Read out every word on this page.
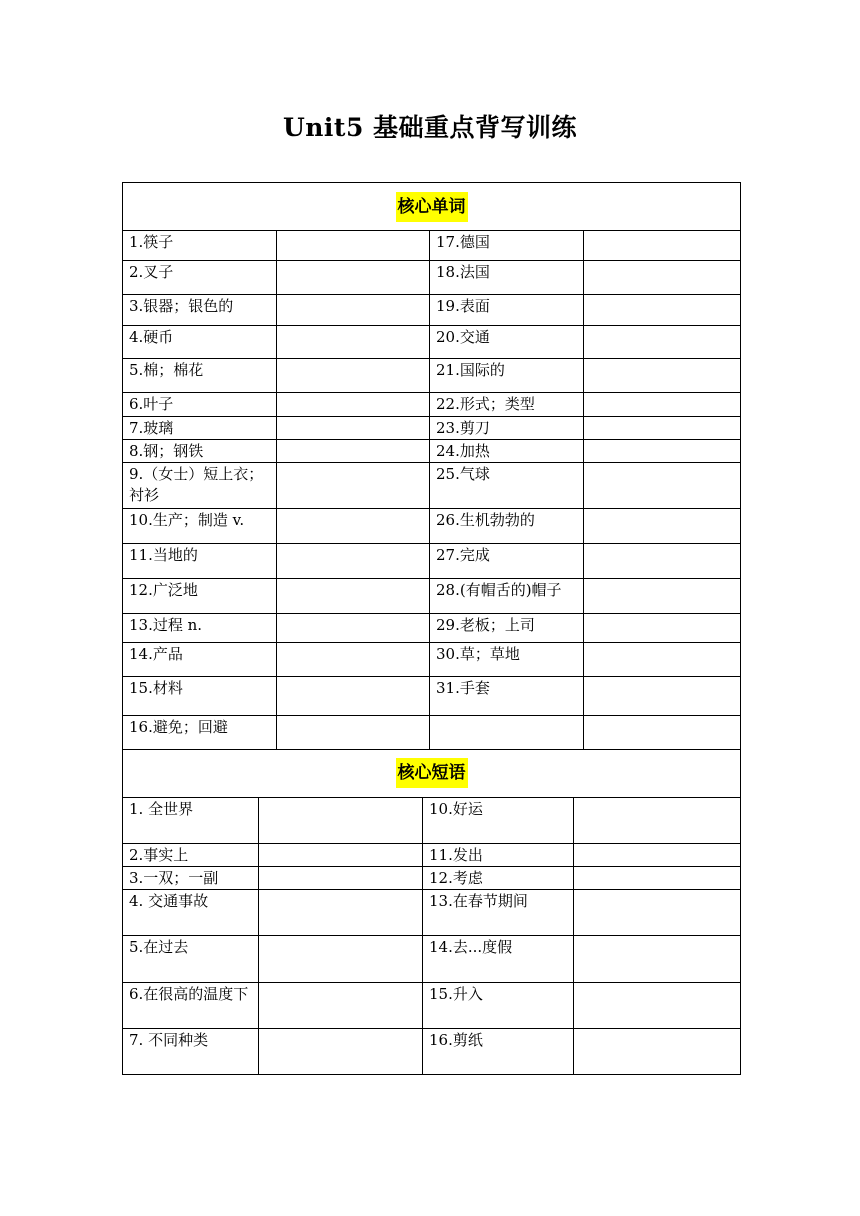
Unit5 基础重点背写训练
核心单词			
1.筷子		17.德国	
2.叉子		18.法国	
3.银器；银色的		19.表面	
4.硬币		20.交通	
5.棉；棉花		21.国际的	
6.叶子		22.形式；类型	
7.玻璃		23.剪刀	
8.钢；钢铁		24.加热	
9.（女士）短上衣；衬衫		25.气球	
10.生产；制造 v.		26.生机勃勃的	
11.当地的		27.完成	
12.广泛地		28.(有帽舌的)帽子	
13.过程 n.		29.老板；上司	
14.产品		30.草；草地	
15.材料		31.手套	
16.避免；回避			
核心短语			
1. 全世界		10.好运	
2.事实上		11.发出	
3.一双；一副		12.考虑	
4. 交通事故		13.在春节期间	
5.在过去		14.去...度假	
6.在很高的温度下		15.升入	
7. 不同种类		16.剪纸	
